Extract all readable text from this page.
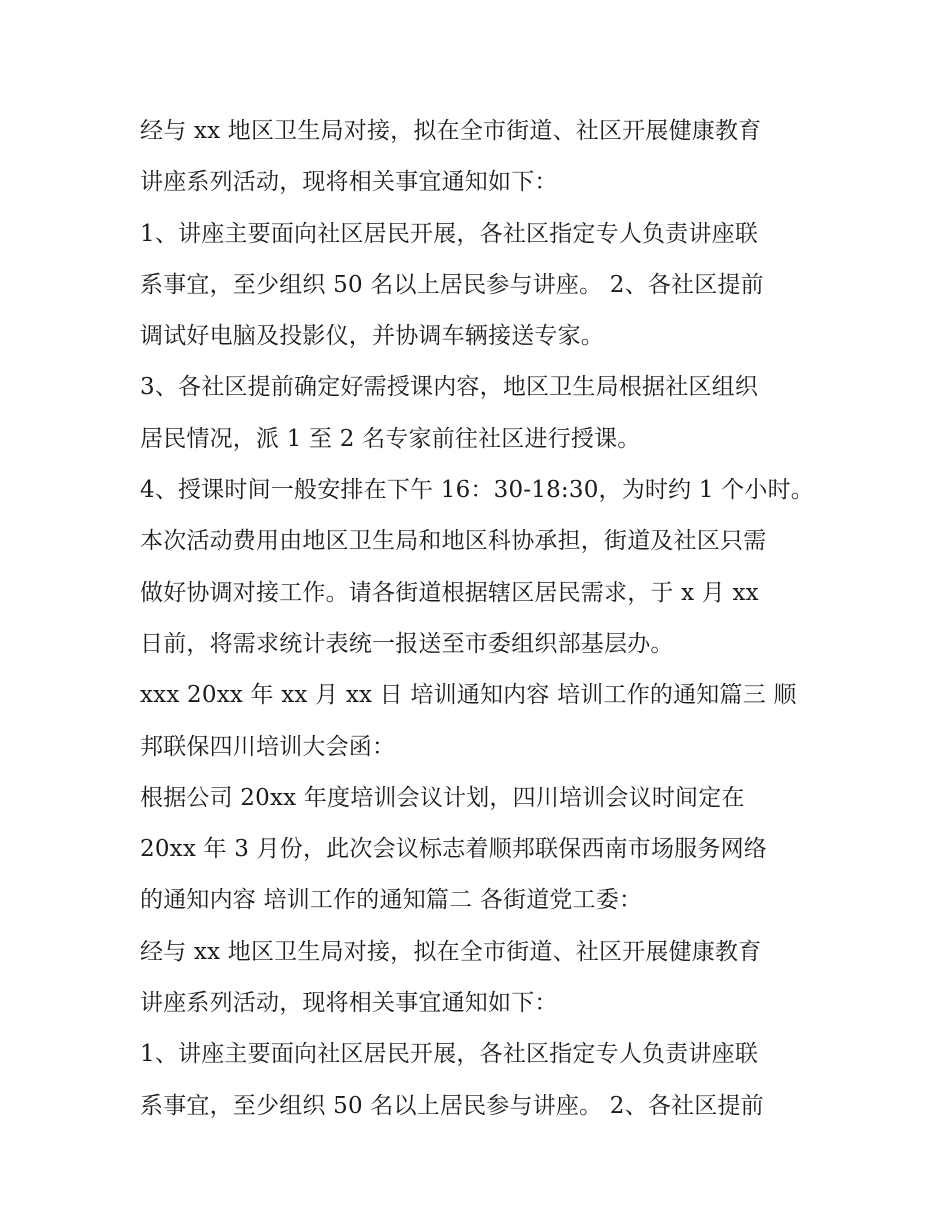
经与 xx 地区卫生局对接，拟在全市街道、社区开展健康教育
讲座系列活动，现将相关事宜通知如下：
1、讲座主要面向社区居民开展，各社区指定专人负责讲座联
系事宜，至少组织 50 名以上居民参与讲座。 2、各社区提前
调试好电脑及投影仪，并协调车辆接送专家。
3、各社区提前确定好需授课内容，地区卫生局根据社区组织
居民情况，派 1 至 2 名专家前往社区进行授课。
4、授课时间一般安排在下午 16：30-18:30，为时约 1 个小时。
本次活动费用由地区卫生局和地区科协承担，街道及社区只需
做好协调对接工作。请各街道根据辖区居民需求，于 x 月 xx
日前，将需求统计表统一报送至市委组织部基层办。
xxx 20xx 年 xx 月 xx 日 培训通知内容 培训工作的通知篇三 顺
邦联保四川培训大会函：
根据公司 20xx 年度培训会议计划，四川培训会议时间定在
20xx 年 3 月份，此次会议标志着顺邦联保西南市场服务网络
的通知内容 培训工作的通知篇二 各街道党工委：
经与 xx 地区卫生局对接，拟在全市街道、社区开展健康教育
讲座系列活动，现将相关事宜通知如下：
1、讲座主要面向社区居民开展，各社区指定专人负责讲座联
系事宜，至少组织 50 名以上居民参与讲座。 2、各社区提前
